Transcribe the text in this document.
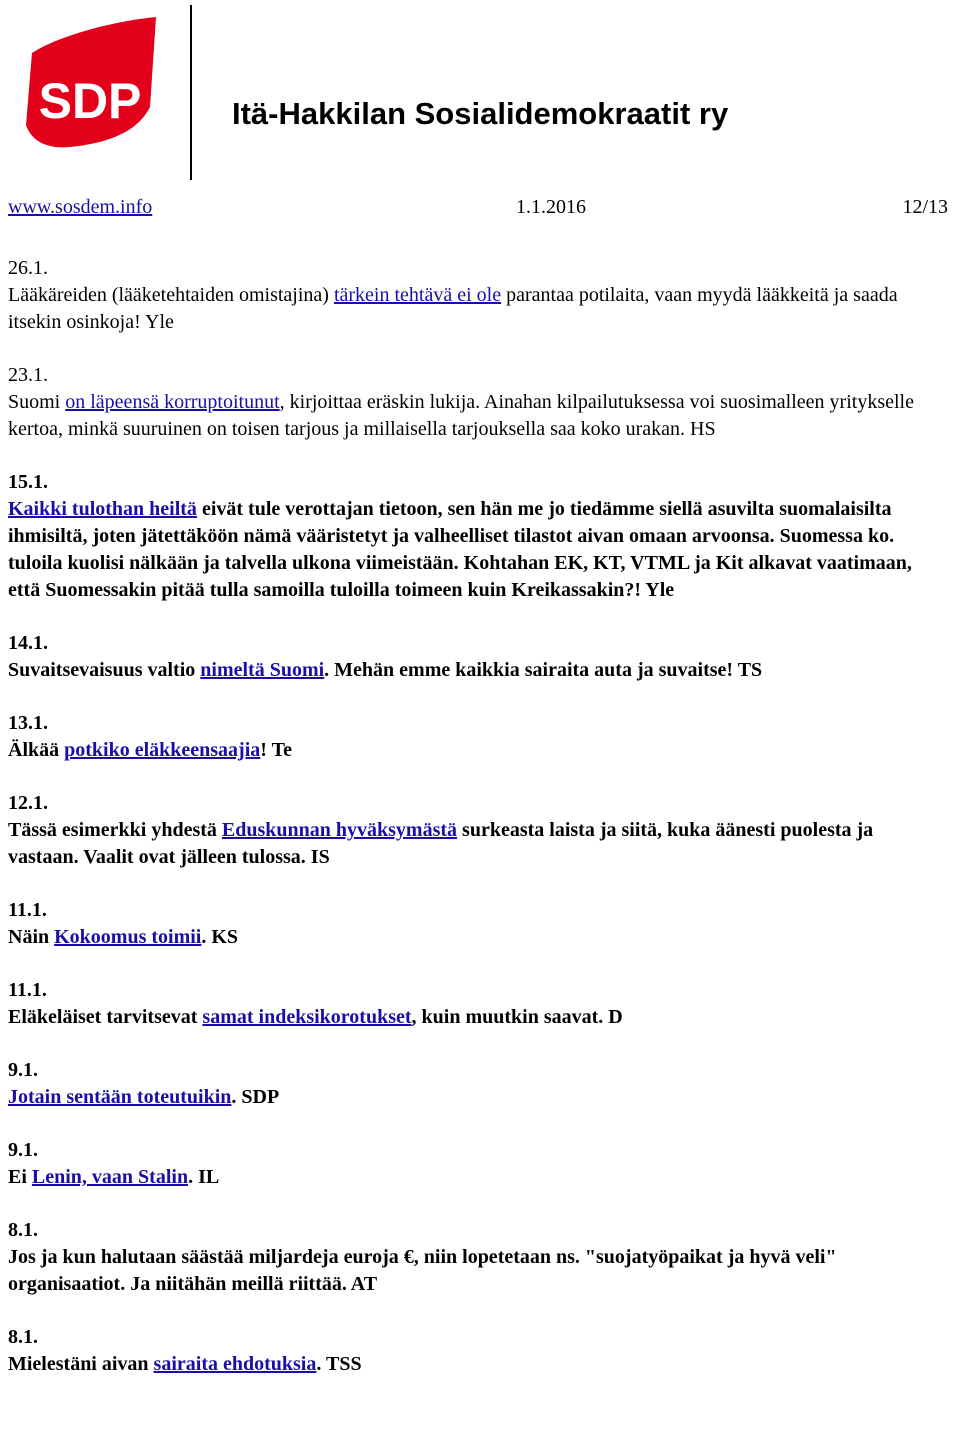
SDP	Itä-Hakkilan Sosialidemokraatit ry
www.sosdem.info	1.1.2016	12/13
26.1.
Lääkäreiden (lääketehtaiden omistajina) tärkein tehtävä ei ole parantaa potilaita, vaan myydä lääkkeitä ja saada itsekin osinkoja! Yle
23.1.
Suomi on läpeensä korruptoitunut, kirjoittaa eräskin lukija. Ainahan kilpailutuksessa voi suosimalleen yritykselle kertoa, minkä suuruinen on toisen tarjous ja millaisella tarjouksella saa koko urakan. HS
15.1.
Kaikki tulothan heiltä eivät tule verottajan tietoon, sen hän me jo tiedämme siellä asuvilta suomalaisilta ihmisiltä, joten jätettäköön nämä vääristetyt ja valheelliset tilastot aivan omaan arvoonsa. Suomessa ko. tuloila kuolisi nälkään ja talvella ulkona viimeistään. Kohtahan EK, KT, VTML ja Kit alkavat vaatimaan, että Suomessakin pitää tulla samoilla tuloilla toimeen kuin Kreikassakin?! Yle
14.1.
Suvaitsevaisuus valtio nimeltä Suomi. Mehän emme kaikkia sairaita auta ja suvaitse! TS
13.1.
Älkää potkiko eläkkeensaajia! Te
12.1.
Tässä esimerkki yhdestä Eduskunnan hyväksymästä surkeasta laista ja siitä, kuka äänesti puolesta ja vastaan. Vaalit ovat jälleen tulossa. IS
11.1.
Näin Kokoomus toimii. KS
11.1.
Eläkeläiset tarvitsevat samat indeksikorotukset, kuin muutkin saavat. D
9.1.
Jotain sentään toteutuikin. SDP
9.1.
Ei Lenin, vaan Stalin. IL
8.1.
Jos ja kun halutaan säästää miljardeja euroja €, niin lopetetaan ns. "suojatyöpaikat ja hyvä veli" organisaatiot. Ja niitähän meillä riittää. AT
8.1.
Mielestäni aivan sairaita ehdotuksia. TSS
